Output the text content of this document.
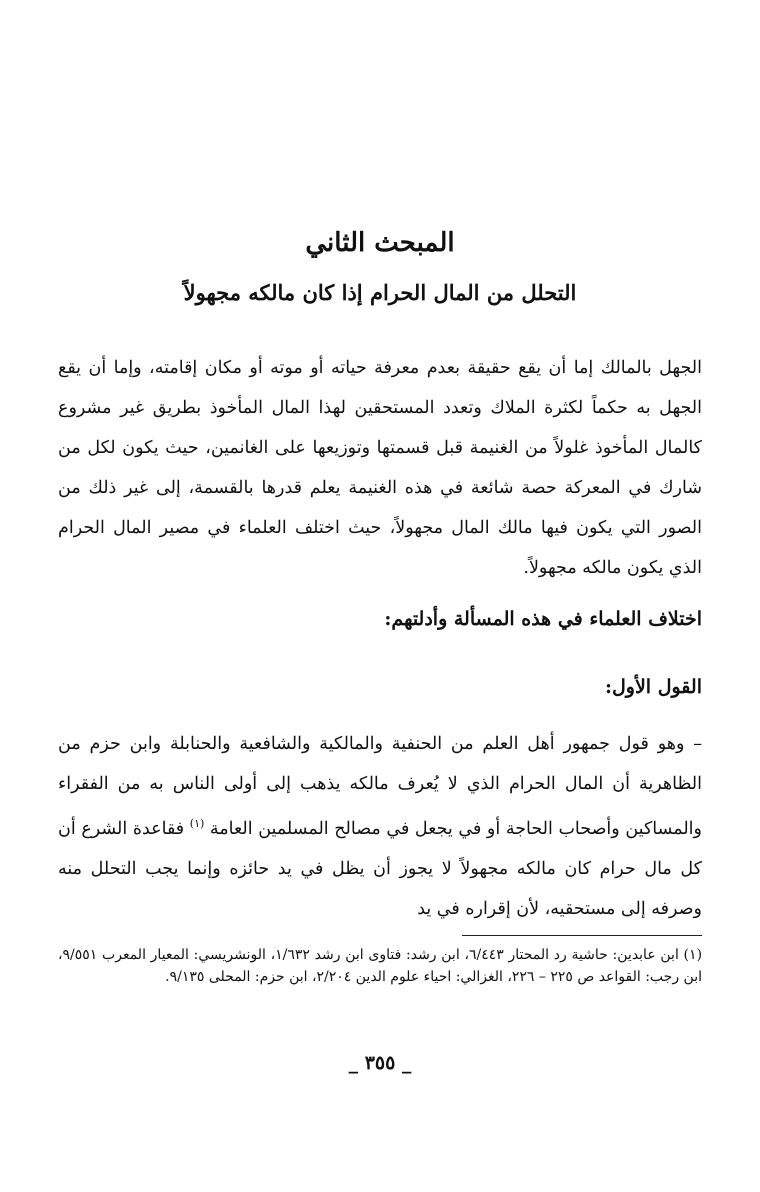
المبحث الثاني
التحلل من المال الحرام إذا كان مالكه مجهولاً

الجهل بالمالك إما أن يقع حقيقة بعدم معرفة حياته أو موته أو مكان إقامته، وإما أن يقع الجهل به حكماً لكثرة الملاك وتعدد المستحقين لهذا المال المأخوذ بطريق غير مشروع كالمال المأخوذ غلولاً من الغنيمة قبل قسمتها وتوزيعها على الغانمين، حيث يكون لكل من شارك في المعركة حصة شائعة في هذه الغنيمة يعلم قدرها بالقسمة، إلى غير ذلك من الصور التي يكون فيها مالك المال مجهولاً، حيث اختلف العلماء في مصير المال الحرام الذي يكون مالكه مجهولاً.

اختلاف العلماء في هذه المسألة وأدلتهم:
القول الأول:

– وهو قول جمهور أهل العلم من الحنفية والمالكية والشافعية والحنابلة وابن حزم من الظاهرية أن المال الحرام الذي لا يُعرف مالكه يذهب إلى أولى الناس به من الفقراء والمساكين وأصحاب الحاجة أو في يجعل في مصالح المسلمين العامة $^{(١)}$ فقاعدة الشرع أن كل مال حرام كان مالكه مجهولاً لا يجوز أن يظل في يد حائزه وإنما يجب التحلل منه وصرفه إلى مستحقيه، لأن إقراره في يد

(١) ابن عابدين: حاشية رد المحتار ٦/٤٤٣، ابن رشد: فتاوى ابن رشد ١/٦٣٢، الونشريسي: المعيار المعرب ٩/٥٥١، ابن رجب: القواعد ص ٢٢٥ – ٢٢٦، الغزالي: احياء علوم الدين ٢/٢٠٤، ابن حزم: المحلى ٩/١٣٥.

_ ٣٥٥ _
